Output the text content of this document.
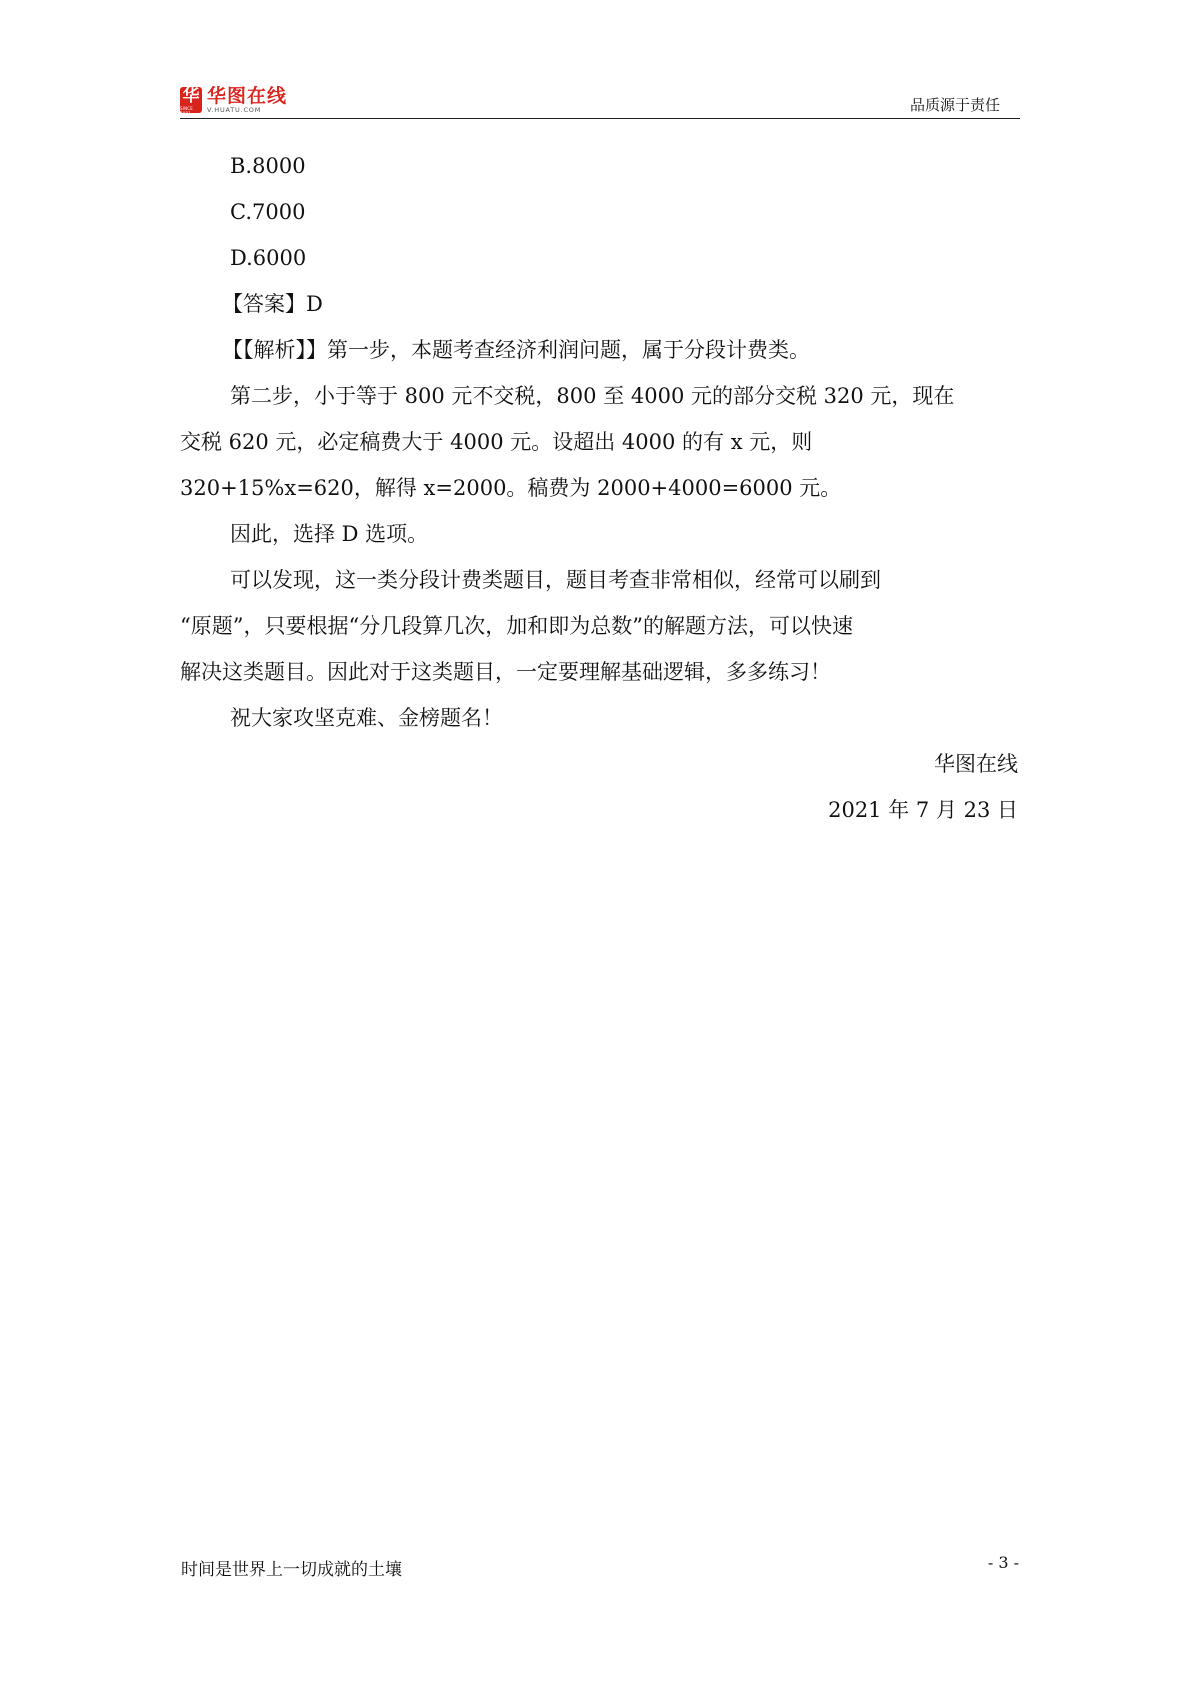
华
SINCE 2001
华图在线
V.HUATU.COM	品质源于责任
B.8000
C.7000
D.6000
【答案】D
【【解析】】第一步，本题考查经济利润问题，属于分段计费类。
第二步，小于等于 800 元不交税，800 至 4000 元的部分交税 320 元，现在
交税 620 元，必定稿费大于 4000 元。设超出 4000 的有 x 元，则
320+15%x=620，解得 x=2000。稿费为 2000+4000=6000 元。
因此，选择 D 选项。
可以发现，这一类分段计费类题目，题目考查非常相似，经常可以刷到
“原题”，只要根据“分几段算几次，加和即为总数”的解题方法，可以快速
解决这类题目。因此对于这类题目，一定要理解基础逻辑，多多练习！
祝大家攻坚克难、金榜题名！
华图在线
2021 年 7 月 23 日
时间是世界上一切成就的土壤	- 3 -
